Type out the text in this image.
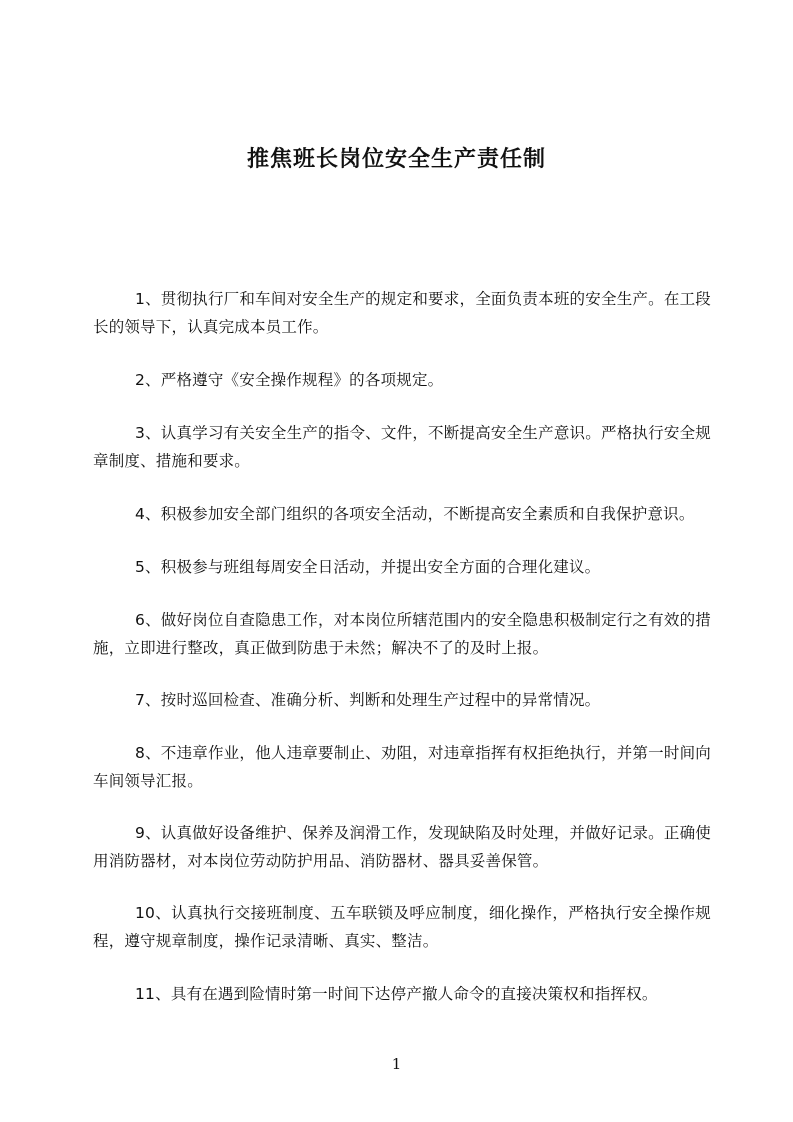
推焦班长岗位安全生产责任制

1、贯彻执行厂和车间对安全生产的规定和要求，全面负责本班的安全生产。在工段长的领导下，认真完成本员工作。

2、严格遵守《安全操作规程》的各项规定。

3、认真学习有关安全生产的指令、文件，不断提高安全生产意识。严格执行安全规章制度、措施和要求。

4、积极参加安全部门组织的各项安全活动，不断提高安全素质和自我保护意识。

5、积极参与班组每周安全日活动，并提出安全方面的合理化建议。

6、做好岗位自查隐患工作，对本岗位所辖范围内的安全隐患积极制定行之有效的措施，立即进行整改，真正做到防患于未然；解决不了的及时上报。

7、按时巡回检查、准确分析、判断和处理生产过程中的异常情况。

8、不违章作业，他人违章要制止、劝阻，对违章指挥有权拒绝执行，并第一时间向车间领导汇报。

9、认真做好设备维护、保养及润滑工作，发现缺陷及时处理，并做好记录。正确使用消防器材，对本岗位劳动防护用品、消防器材、器具妥善保管。

10、认真执行交接班制度、五车联锁及呼应制度，细化操作，严格执行安全操作规程，遵守规章制度，操作记录清晰、真实、整洁。

11、具有在遇到险情时第一时间下达停产撤人命令的直接决策权和指挥权。

1
